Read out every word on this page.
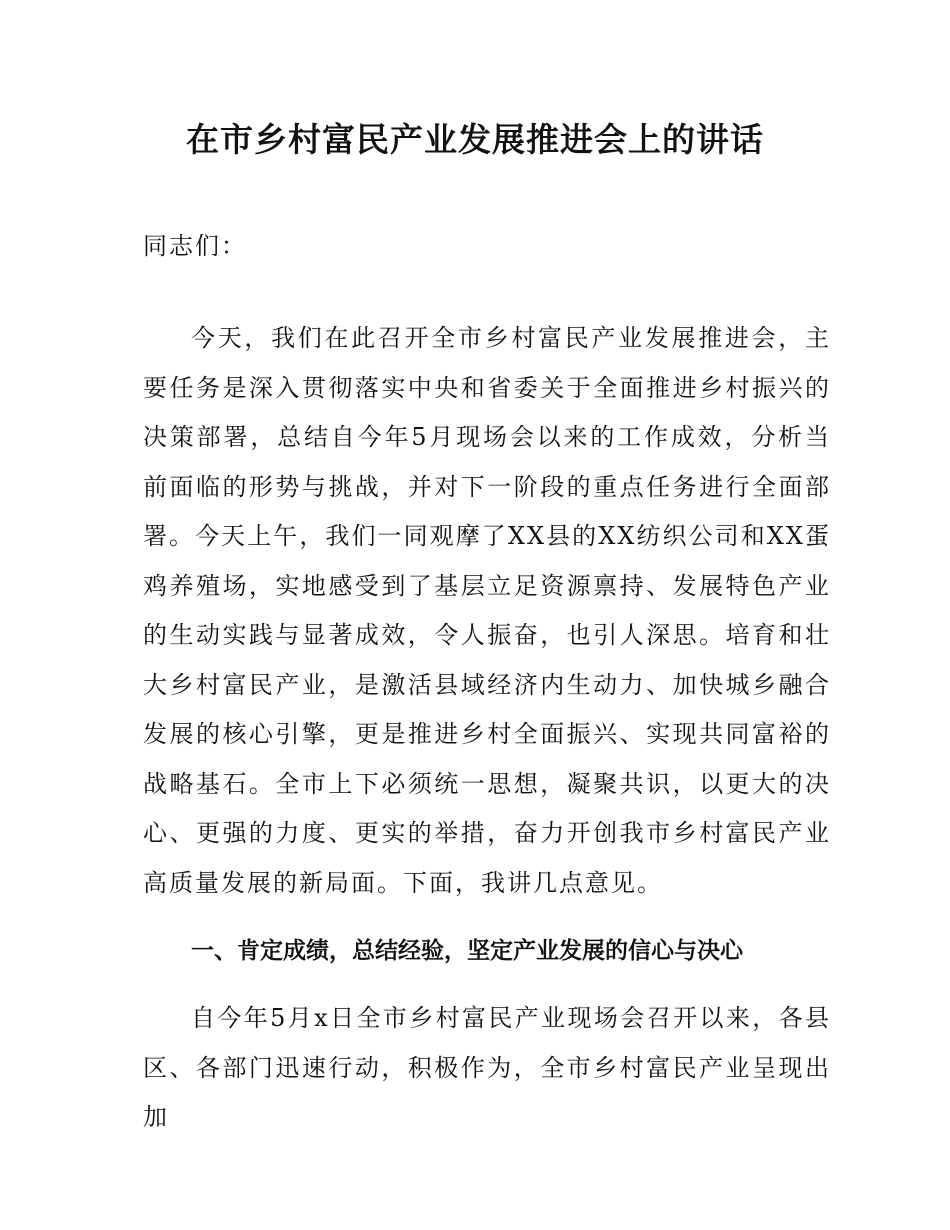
在市乡村富民产业发展推进会上的讲话

同志们：

今天，我们在此召开全市乡村富民产业发展推进会，主要任务是深入贯彻落实中央和省委关于全面推进乡村振兴的决策部署，总结自今年5月现场会以来的工作成效，分析当前面临的形势与挑战，并对下一阶段的重点任务进行全面部署。今天上午，我们一同观摩了XX县的XX纺织公司和XX蛋鸡养殖场，实地感受到了基层立足资源禀持、发展特色产业的生动实践与显著成效，令人振奋，也引人深思。培育和壮大乡村富民产业，是激活县域经济内生动力、加快城乡融合发展的核心引擎，更是推进乡村全面振兴、实现共同富裕的战略基石。全市上下必须统一思想，凝聚共识，以更大的决心、更强的力度、更实的举措，奋力开创我市乡村富民产业高质量发展的新局面。下面，我讲几点意见。

一、肯定成绩，总结经验，坚定产业发展的信心与决心

自今年5月x日全市乡村富民产业现场会召开以来，各县区、各部门迅速行动，积极作为，全市乡村富民产业呈现出加
